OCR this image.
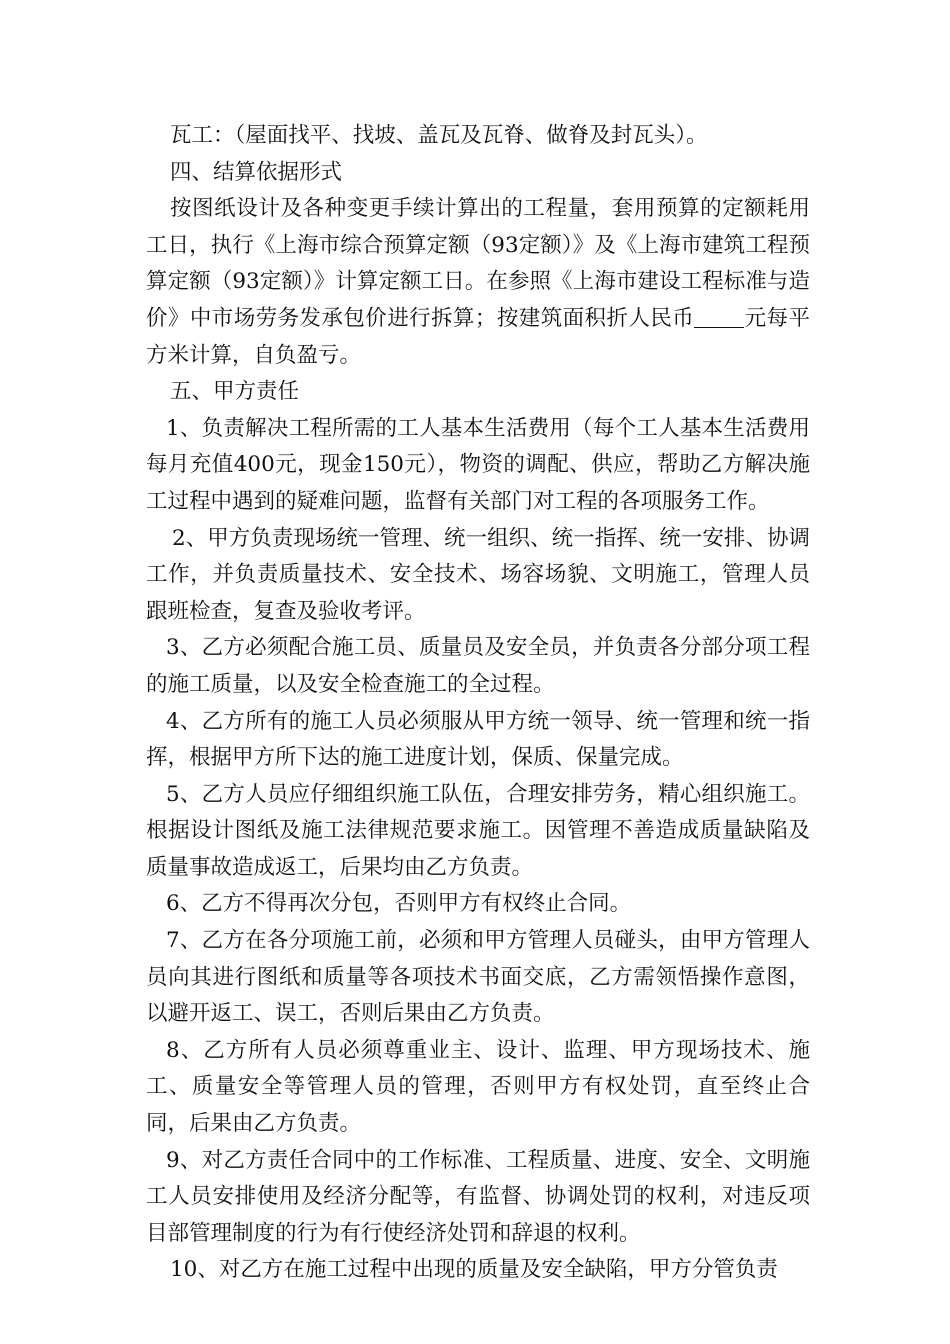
瓦工：（屋面找平、找坡、盖瓦及瓦脊、做脊及封瓦头）。

四、结算依据形式

按图纸设计及各种变更手续计算出的工程量，套用预算的定额耗用工日，执行《上海市综合预算定额（93定额）》及《上海市建筑工程预算定额（93定额）》计算定额工日。在参照《上海市建设工程标准与造价》中市场劳务发承包价进行拆算；按建筑面积折人民币 元每平方米计算，自负盈亏。

五、甲方责任

1、负责解决工程所需的工人基本生活费用（每个工人基本生活费用每月充值400元，现金150元），物资的调配、供应，帮助乙方解决施工过程中遇到的疑难问题，监督有关部门对工程的各项服务工作。

2、甲方负责现场统一管理、统一组织、统一指挥、统一安排、协调工作，并负责质量技术、安全技术、场容场貌、文明施工，管理人员跟班检查，复查及验收考评。

3、乙方必须配合施工员、质量员及安全员，并负责各分部分项工程的施工质量，以及安全检查施工的全过程。

4、乙方所有的施工人员必须服从甲方统一领导、统一管理和统一指挥，根据甲方所下达的施工进度计划，保质、保量完成。

5、乙方人员应仔细组织施工队伍，合理安排劳务，精心组织施工。根据设计图纸及施工法律规范要求施工。因管理不善造成质量缺陷及质量事故造成返工，后果均由乙方负责。

6、乙方不得再次分包，否则甲方有权终止合同。

7、乙方在各分项施工前，必须和甲方管理人员碰头，由甲方管理人员向其进行图纸和质量等各项技术书面交底，乙方需领悟操作意图，以避开返工、误工，否则后果由乙方负责。

8、乙方所有人员必须尊重业主、设计、监理、甲方现场技术、施工、质量安全等管理人员的管理，否则甲方有权处罚，直至终止合同，后果由乙方负责。

9、对乙方责任合同中的工作标准、工程质量、进度、安全、文明施工人员安排使用及经济分配等，有监督、协调处罚的权利，对违反项目部管理制度的行为有行使经济处罚和辞退的权利。

10、对乙方在施工过程中出现的质量及安全缺陷，甲方分管负责
